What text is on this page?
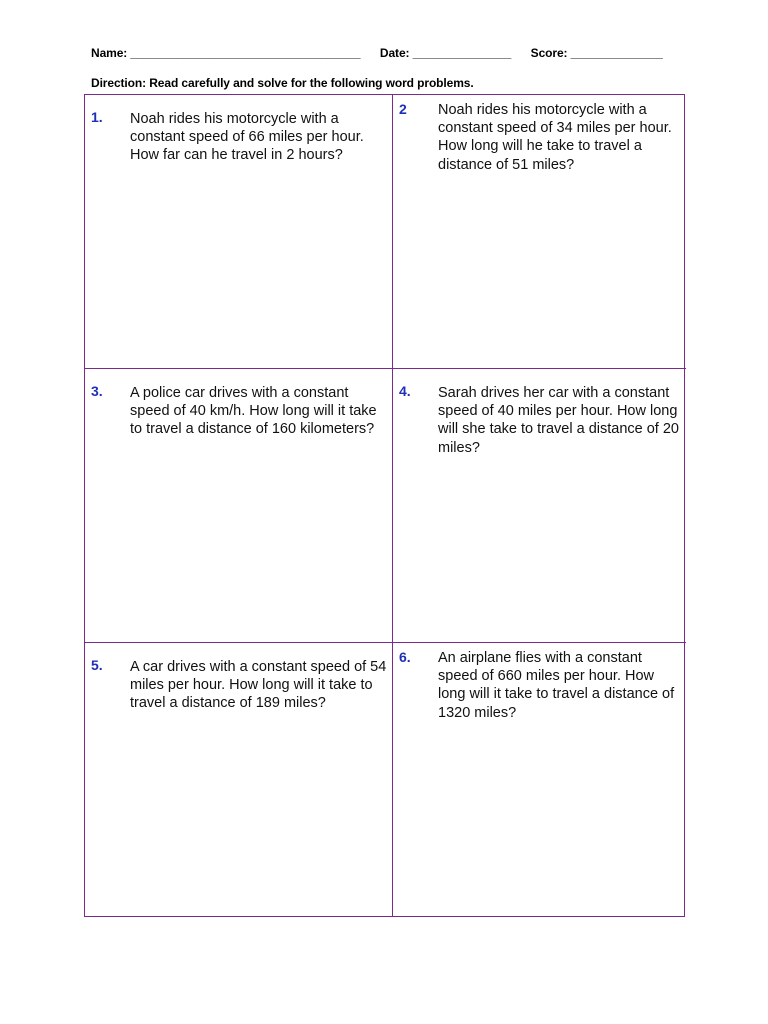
Name: ___________________________________ Date: _______________ Score: ______________
Direction: Read carefully and solve for the following word problems.
1. Noah rides his motorcycle with a constant speed of 66 miles per hour. How far can he travel in 2 hours?
2 Noah rides his motorcycle with a constant speed of 34 miles per hour. How long will he take to travel a distance of 51 miles?
3. A police car drives with a constant speed of 40 km/h. How long will it take to travel a distance of 160 kilometers?
4. Sarah drives her car with a constant speed of 40 miles per hour. How long will she take to travel a distance of 20 miles?
5. A car drives with a constant speed of 54 miles per hour. How long will it take to travel a distance of 189 miles?
6. An airplane flies with a constant speed of 660 miles per hour. How long will it take to travel a distance of 1320 miles?
